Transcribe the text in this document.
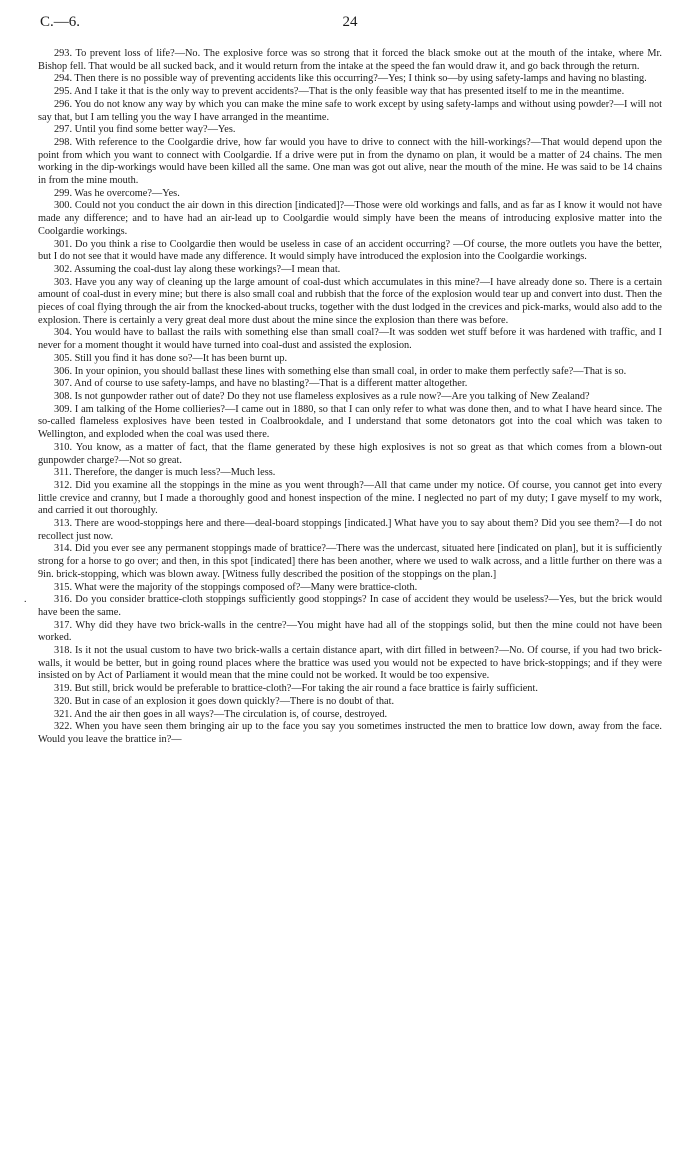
C.—6.	24
.

293. To prevent loss of life?—No. The explosive force was so strong that it forced the black smoke out at the mouth of the intake, where Mr. Bishop fell. That would be all sucked back, and it would return from the intake at the speed the fan would draw it, and go back through the return.

294. Then there is no possible way of preventing accidents like this occurring?—Yes; I think so—by using safety-lamps and having no blasting.

295. And I take it that is the only way to prevent accidents?—That is the only feasible way that has presented itself to me in the meantime.

296. You do not know any way by which you can make the mine safe to work except by using safety-lamps and without using powder?—I will not say that, but I am telling you the way I have arranged in the meantime.

297. Until you find some better way?—Yes.

298. With reference to the Coolgardie drive, how far would you have to drive to connect with the hill-workings?—That would depend upon the point from which you want to connect with Coolgardie. If a drive were put in from the dynamo on plan, it would be a matter of 24 chains. The men working in the dip-workings would have been killed all the same. One man was got out alive, near the mouth of the mine. He was said to be 14 chains in from the mine mouth.

299. Was he overcome?—Yes.

300. Could not you conduct the air down in this direction [indicated]?—Those were old workings and falls, and as far as I know it would not have made any difference; and to have had an air-lead up to Coolgardie would simply have been the means of introducing explosive matter into the Coolgardie workings.

301. Do you think a rise to Coolgardie then would be useless in case of an accident occurring? —Of course, the more outlets you have the better, but I do not see that it would have made any difference. It would simply have introduced the explosion into the Coolgardie workings.

302. Assuming the coal-dust lay along these workings?—I mean that.

303. Have you any way of cleaning up the large amount of coal-dust which accumulates in this mine?—I have already done so. There is a certain amount of coal-dust in every mine; but there is also small coal and rubbish that the force of the explosion would tear up and convert into dust. Then the pieces of coal flying through the air from the knocked-about trucks, together with the dust lodged in the crevices and pick-marks, would also add to the explosion. There is certainly a very great deal more dust about the mine since the explosion than there was before.

304. You would have to ballast the rails with something else than small coal?—It was sodden wet stuff before it was hardened with traffic, and I never for a moment thought it would have turned into coal-dust and assisted the explosion.

305. Still you find it has done so?—It has been burnt up.

306. In your opinion, you should ballast these lines with something else than small coal, in order to make them perfectly safe?—That is so.

307. And of course to use safety-lamps, and have no blasting?—That is a different matter altogether.

308. Is not gunpowder rather out of date? Do they not use flameless explosives as a rule now?—Are you talking of New Zealand?

309. I am talking of the Home collieries?—I came out in 1880, so that I can only refer to what was done then, and to what I have heard since. The so-called flameless explosives have been tested in Coalbrookdale, and I understand that some detonators got into the coal which was taken to Wellington, and exploded when the coal was used there.

310. You know, as a matter of fact, that the flame generated by these high explosives is not so great as that which comes from a blown-out gunpowder charge?—Not so great.

311. Therefore, the danger is much less?—Much less.

312. Did you examine all the stoppings in the mine as you went through?—All that came under my notice. Of course, you cannot get into every little crevice and cranny, but I made a thoroughly good and honest inspection of the mine. I neglected no part of my duty; I gave myself to my work, and carried it out thoroughly.

313. There are wood-stoppings here and there—deal-board stoppings [indicated.] What have you to say about them? Did you see them?—I do not recollect just now.

314. Did you ever see any permanent stoppings made of brattice?—There was the undercast, situated here [indicated on plan], but it is sufficiently strong for a horse to go over; and then, in this spot [indicated] there has been another, where we used to walk across, and a little further on there was a 9in. brick-stopping, which was blown away. [Witness fully described the position of the stoppings on the plan.]

315. What were the majority of the stoppings composed of?—Many were brattice-cloth.

316. Do you consider brattice-cloth stoppings sufficiently good stoppings? In case of accident they would be useless?—Yes, but the brick would have been the same.

317. Why did they have two brick-walls in the centre?—You might have had all of the stoppings solid, but then the mine could not have been worked.

318. Is it not the usual custom to have two brick-walls a certain distance apart, with dirt filled in between?—No. Of course, if you had two brick-walls, it would be better, but in going round places where the brattice was used you would not be expected to have brick-stoppings; and if they were insisted on by Act of Parliament it would mean that the mine could not be worked. It would be too expensive.

319. But still, brick would be preferable to brattice-cloth?—For taking the air round a face brattice is fairly sufficient.

320. But in case of an explosion it goes down quickly?—There is no doubt of that.

321. And the air then goes in all ways?—The circulation is, of course, destroyed.

322. When you have seen them bringing air up to the face you say you sometimes instructed the men to brattice low down, away from the face. Would you leave the brattice in?—
